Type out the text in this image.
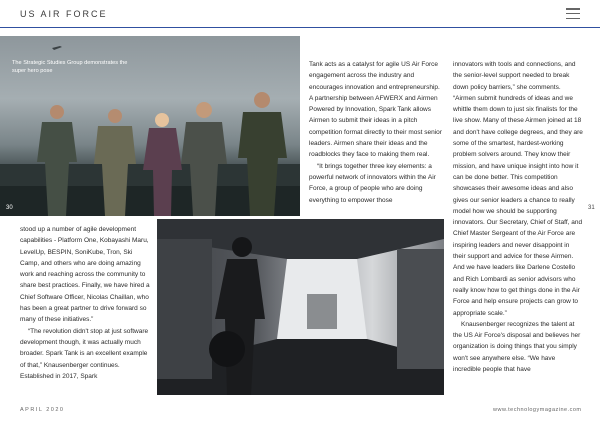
US AIR FORCE
The Strategic Studies Group demonstrates the super hero pose
30	31

Tank acts as a catalyst for agile US Air Force engagement across the industry and encourages innovation and entrepreneurship. A partnership between AFWERX and Airmen Powered by Innovation, Spark Tank allows Airmen to submit their ideas in a pitch competition format directly to their most senior leaders. Airmen share their ideas and the roadblocks they face to making them real.

“It brings together three key elements: a powerful network of innovators within the Air Force, a group of people who are doing everything to empower those

innovators with tools and connections, and the senior-level support needed to break down policy barriers,” she comments. “Airmen submit hundreds of ideas and we whittle them down to just six finalists for the live show. Many of these Airmen joined at 18 and don't have college degrees, and they are some of the smartest, hardest-working problem solvers around. They know their mission, and have unique insight into how it can be done better. This competition showcases their awesome ideas and also gives our senior leaders a chance to really model how we should be supporting innovators. Our Secretary, Chief of Staff, and Chief Master Sergeant of the Air Force are inspiring leaders and never disappoint in their support and advice for these Airmen. And we have leaders like Darlene Costello and Rich Lombardi as senior advisors who really know how to get things done in the Air Force and help ensure projects can grow to appropriate scale.”

Knausenberger recognizes the talent at the US Air Force's disposal and believes her organization is doing things that you simply won't see anywhere else. “We have incredible people that have

stood up a number of agile development capabilities - Platform One, Kobayashi Maru, LevelUp, BESPIN, SoniKube, Tron, Ski Camp, and others who are doing amazing work and reaching across the community to share best practices. Finally, we have hired a Chief Software Officer, Nicolas Chaillan, who has been a great partner to drive forward so many of these initiatives.”

“The revolution didn't stop at just software development though, it was actually much broader. Spark Tank is an excellent example of that,” Knausenberger continues. Established in 2017, Spark

APRIL 2020	www.technologymagazine.com
